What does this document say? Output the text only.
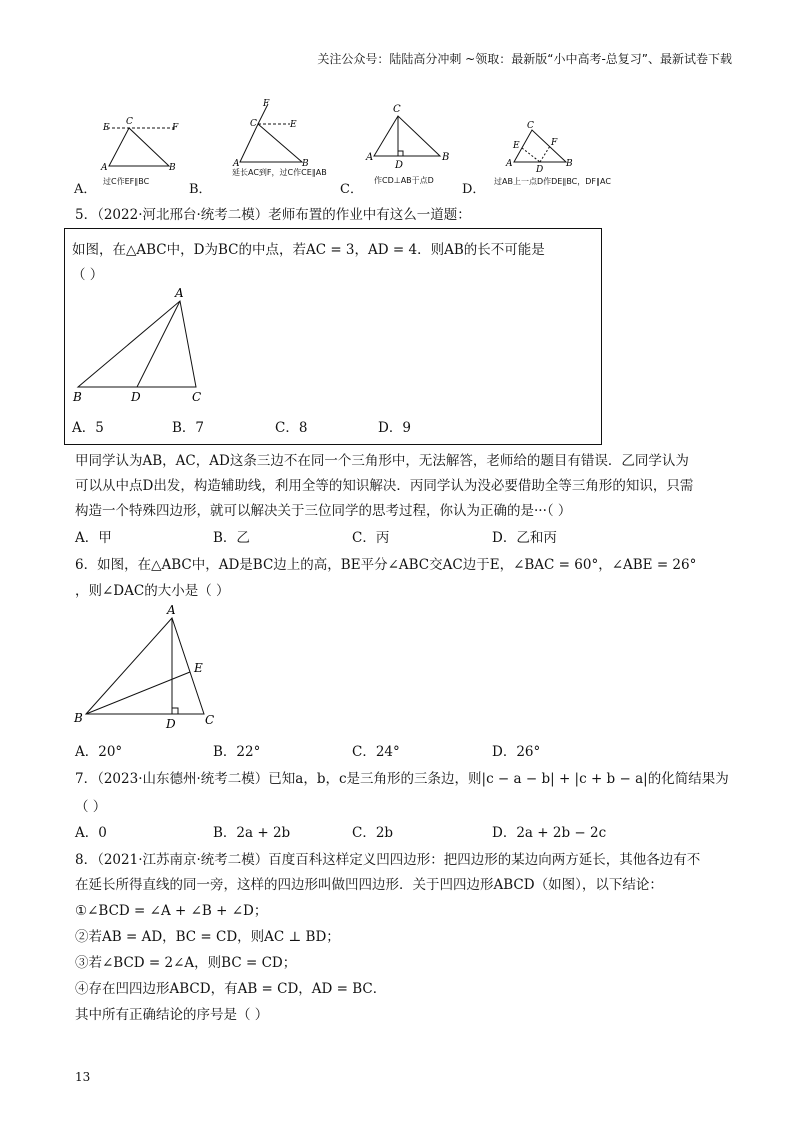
关注公众号：陆陆高分冲刺 ~领取：最新版“小中高考-总复习”、最新试卷下载
E
C
F
A	B
A．
过C作EF∥BC
F
C	E
A	B
B．
延长AC到F，过C作CE∥AB
C
A	B
D
C．
作CD⊥AB于点D
C
E	F
A	B
D
D．
过AB上一点D作DE∥BC，DF∥AC
5．（2022·河北邢台·统考二模）老师布置的作业中有这么一道题：
如图，在△ABC中，D为BC的中点，若AC = 3，AD = 4．则AB的长不可能是
（ ）
A
B	D	C
A．5	B．7	C．8	D．9
甲同学认为AB，AC，AD这条三边不在同一个三角形中，无法解答，老师给的题目有错误．乙同学认为
可以从中点D出发，构造辅助线，利用全等的知识解决．丙同学认为没必要借助全等三角形的知识，只需
构造一个特殊四边形，就可以解决关于三位同学的思考过程，你认为正确的是···（ ）
A．甲	B．乙	C．丙	D．乙和丙
6．如图，在△ABC中，AD是BC边上的高，BE平分∠ABC交AC边于E，∠BAC = 60°，∠ABE = 26°
，则∠DAC的大小是（ ）
A
B	D C
E
A．20°	B．22°	C．24°	D．26°
7．（2023·山东德州·统考二模）已知a，b，c是三角形的三条边，则|c − a − b| + |c + b − a|的化简结果为
（ ）
A．0	B．2a + 2b	C．2b	D．2a + 2b − 2c
8．（2021·江苏南京·统考二模）百度百科这样定义凹四边形：把四边形的某边向两方延长，其他各边有不
在延长所得直线的同一旁，这样的四边形叫做凹四边形．关于凹四边形ABCD（如图），以下结论：
①∠BCD = ∠A + ∠B + ∠D；
②若AB = AD，BC = CD，则AC ⊥ BD；
③若∠BCD = 2∠A，则BC = CD；
④存在凹四边形ABCD，有AB = CD，AD = BC．
其中所有正确结论的序号是（ ）
13
